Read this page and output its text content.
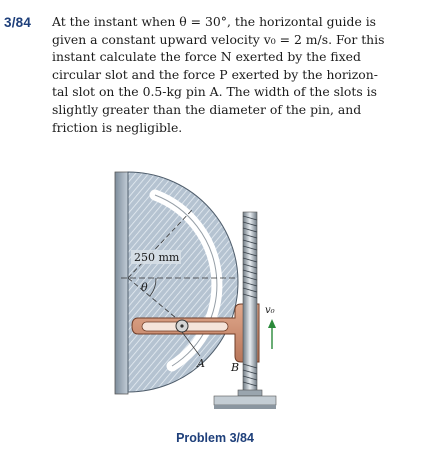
3/84 At the instant when θ = 30°, the horizontal guide is
given a constant upward velocity v₀ = 2 m/s. For this
instant calculate the force N exerted by the fixed
circular slot and the force P exerted by the horizon-
tal slot on the 0.5-kg pin A. The width of the slots is
slightly greater than the diameter of the pin, and
friction is negligible.
250 mm
θ
A B
v₀
Problem 3/84
